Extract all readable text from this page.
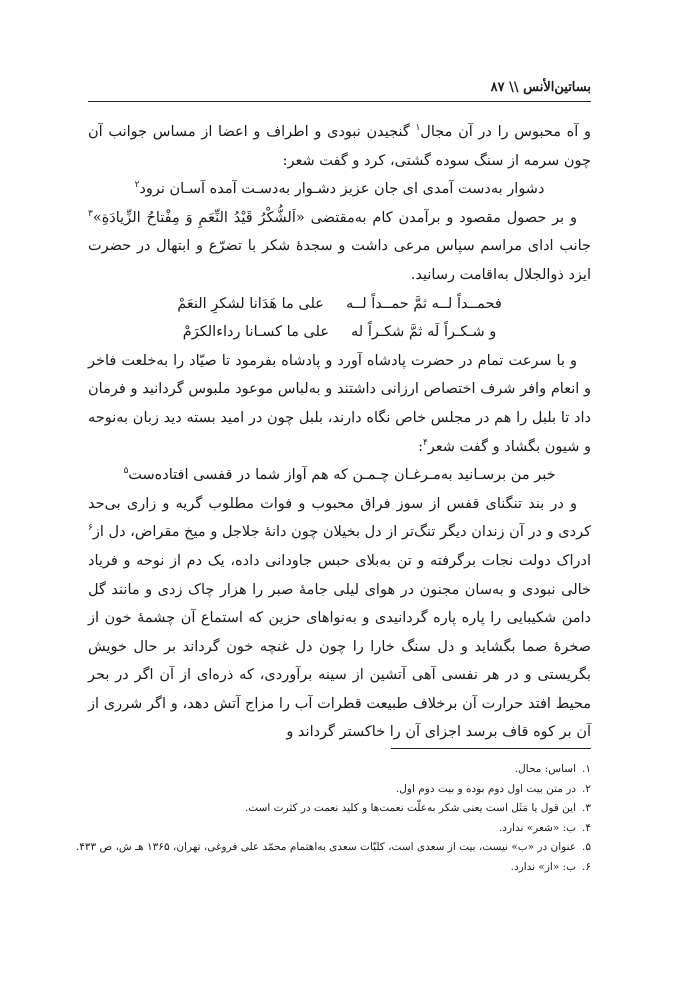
بساتین‌الأنس \\ ۸۷

و آه محبوس را در آن مجال$^۱$ گنجیدن نبودی و اطراف و اعضا از مساس جوانب آن چون سرمه از سنگ سوده گشتی، کرد و گفت شعر:

دشوار به‌دست آمدی ای جان عزیز دشـوار به‌دسـت آمده آسـان نرود$^۲$

و بر حصول مقصود و برآمدن کام به‌مقتضی «اَلشُّکْرُ قَیْدُ النِّعَمِ وَ مِفْتاحُ الزِّیادَةِ»$^۳$ جانب ادای مراسم سپاس مرعی داشت و سجدهٔ شکر با تضرّع و ابتهال در حضرت ایزد ذوالجلال به‌اقامت رسانید.

فحمــداً لــه ثمَّ حمــداً لــه
علی ما هَدَانا لشکرِ النعَمْ

و شـکـراً لَه ثمَّ شکـراً له
علی ما کسـانا رداءالکرَمْ

و با سرعت تمام در حضرت پادشاه آورد و پادشاه بفرمود تا صیّاد را به‌خلعت فاخر و انعام وافر شرف اختصاص ارزانی داشتند و به‌لباس موعود ملبوس گردانید و فرمان داد تا بلبل را هم در مجلس خاص نگاه دارند، بلبل چون در امید بسته دید زبان به‌نوحه و شیون بگشاد و گفت شعر$^۴$:

خبر من برسـانید به‌مـرغـان چـمـن که هم آواز شما در قفسی افتاده‌ست$^۵$

و در بند تنگنای قفس از سوز فراق محبوب و فوات مطلوب گریه و زاری بی‌حد کردی و در آن زندان دیگر تنگ‌تر از دل بخیلان چون دانهٔ جلاجل و میخ مقراض، دل از$^۶$ ادراک دولت نجات برگرفته و تن به‌بلای حبس جاودانی داده، یک دم از نوحه و فریاد خالی نبودی و به‌سان مجنون در هوای لیلی جامهٔ صبر را هزار چاک زدی و مانند گل دامن شکیبایی را پاره پاره گردانیدی و به‌نواهای حزین که استماع آن چشمهٔ خون از صخرهٔ صما بگشاید و دل سنگ خارا را چون دل غنچه خون گرداند بر حال خویش بگریستی و در هر نفسی آهی آتشین از سینه برآوردی، که ذره‌ای از آن اگر در بحر محیط افتد حرارت آن برخلاف طبیعت قطرات آب را مزاج آتش دهد، و اگر شرری از آن بر کوه قاف برسد اجزای آن را خاکستر گرداند و

۱.اساس: محال.
۲.در متن بیت اول دوم بوده و بیت دوم اول.
۳.این قول یا مَثَل است یعنی شکر به‌علّت نعمت‌ها و کلید نعمت در کثرت است.
۴.ب: «شعر» ندارد.
۵.عنوان در «ب» نیست، بیت از سعدی است، کلیّات سعدی به‌اهتمام محمّد علی فروغی، تهران، ۱۳۶۵ هـ ش، ص ۴۳۳.
۶.ب: «از» ندارد.
